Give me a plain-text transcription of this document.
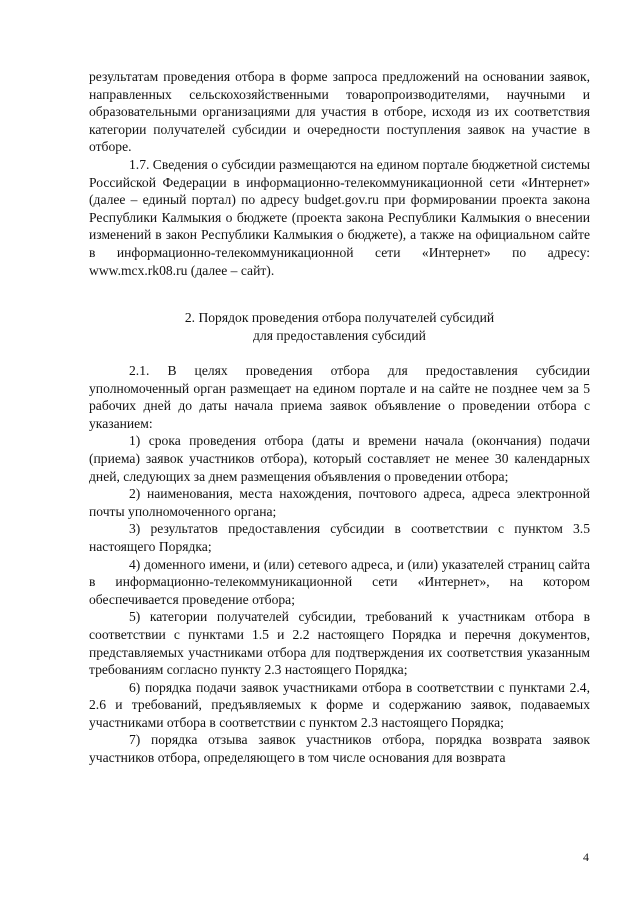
результатам проведения отбора в форме запроса предложений на основании заявок, направленных сельскохозяйственными товаропроизводителями, научными и образовательными организациями для участия в отборе, исходя из их соответствия категории получателей субсидии и очередности поступления заявок на участие в отборе.

1.7. Сведения о субсидии размещаются на едином портале бюджетной системы Российской Федерации в информационно-телекоммуникационной сети «Интернет» (далее – единый портал) по адресу budget.gov.ru при формировании проекта закона Республики Калмыкия о бюджете (проекта закона Республики Калмыкия о внесении изменений в закон Республики Калмыкия о бюджете), а также на официальном сайте в информационно-телекоммуникационной сети «Интернет» по адресу: www.mcx.rk08.ru (далее – сайт).

2. Порядок проведения отбора получателей субсидий
для предоставления субсидий

2.1. В целях проведения отбора для предоставления субсидии уполномоченный орган размещает на едином портале и на сайте не позднее чем за 5 рабочих дней до даты начала приема заявок объявление о проведении отбора с указанием:

1) срока проведения отбора (даты и времени начала (окончания) подачи (приема) заявок участников отбора), который составляет не менее 30 календарных дней, следующих за днем размещения объявления о проведении отбора;

2) наименования, места нахождения, почтового адреса, адреса электронной почты уполномоченного органа;

3) результатов предоставления субсидии в соответствии с пунктом 3.5 настоящего Порядка;

4) доменного имени, и (или) сетевого адреса, и (или) указателей страниц сайта в информационно-телекоммуникационной сети «Интернет», на котором обеспечивается проведение отбора;

5) категории получателей субсидии, требований к участникам отбора в соответствии с пунктами 1.5 и 2.2 настоящего Порядка и перечня документов, представляемых участниками отбора для подтверждения их соответствия указанным требованиям согласно пункту 2.3 настоящего Порядка;

6) порядка подачи заявок участниками отбора в соответствии с пунктами 2.4, 2.6 и требований, предъявляемых к форме и содержанию заявок, подаваемых участниками отбора в соответствии с пунктом 2.3 настоящего Порядка;

7) порядка отзыва заявок участников отбора, порядка возврата заявок участников отбора, определяющего в том числе основания для возврата

4
